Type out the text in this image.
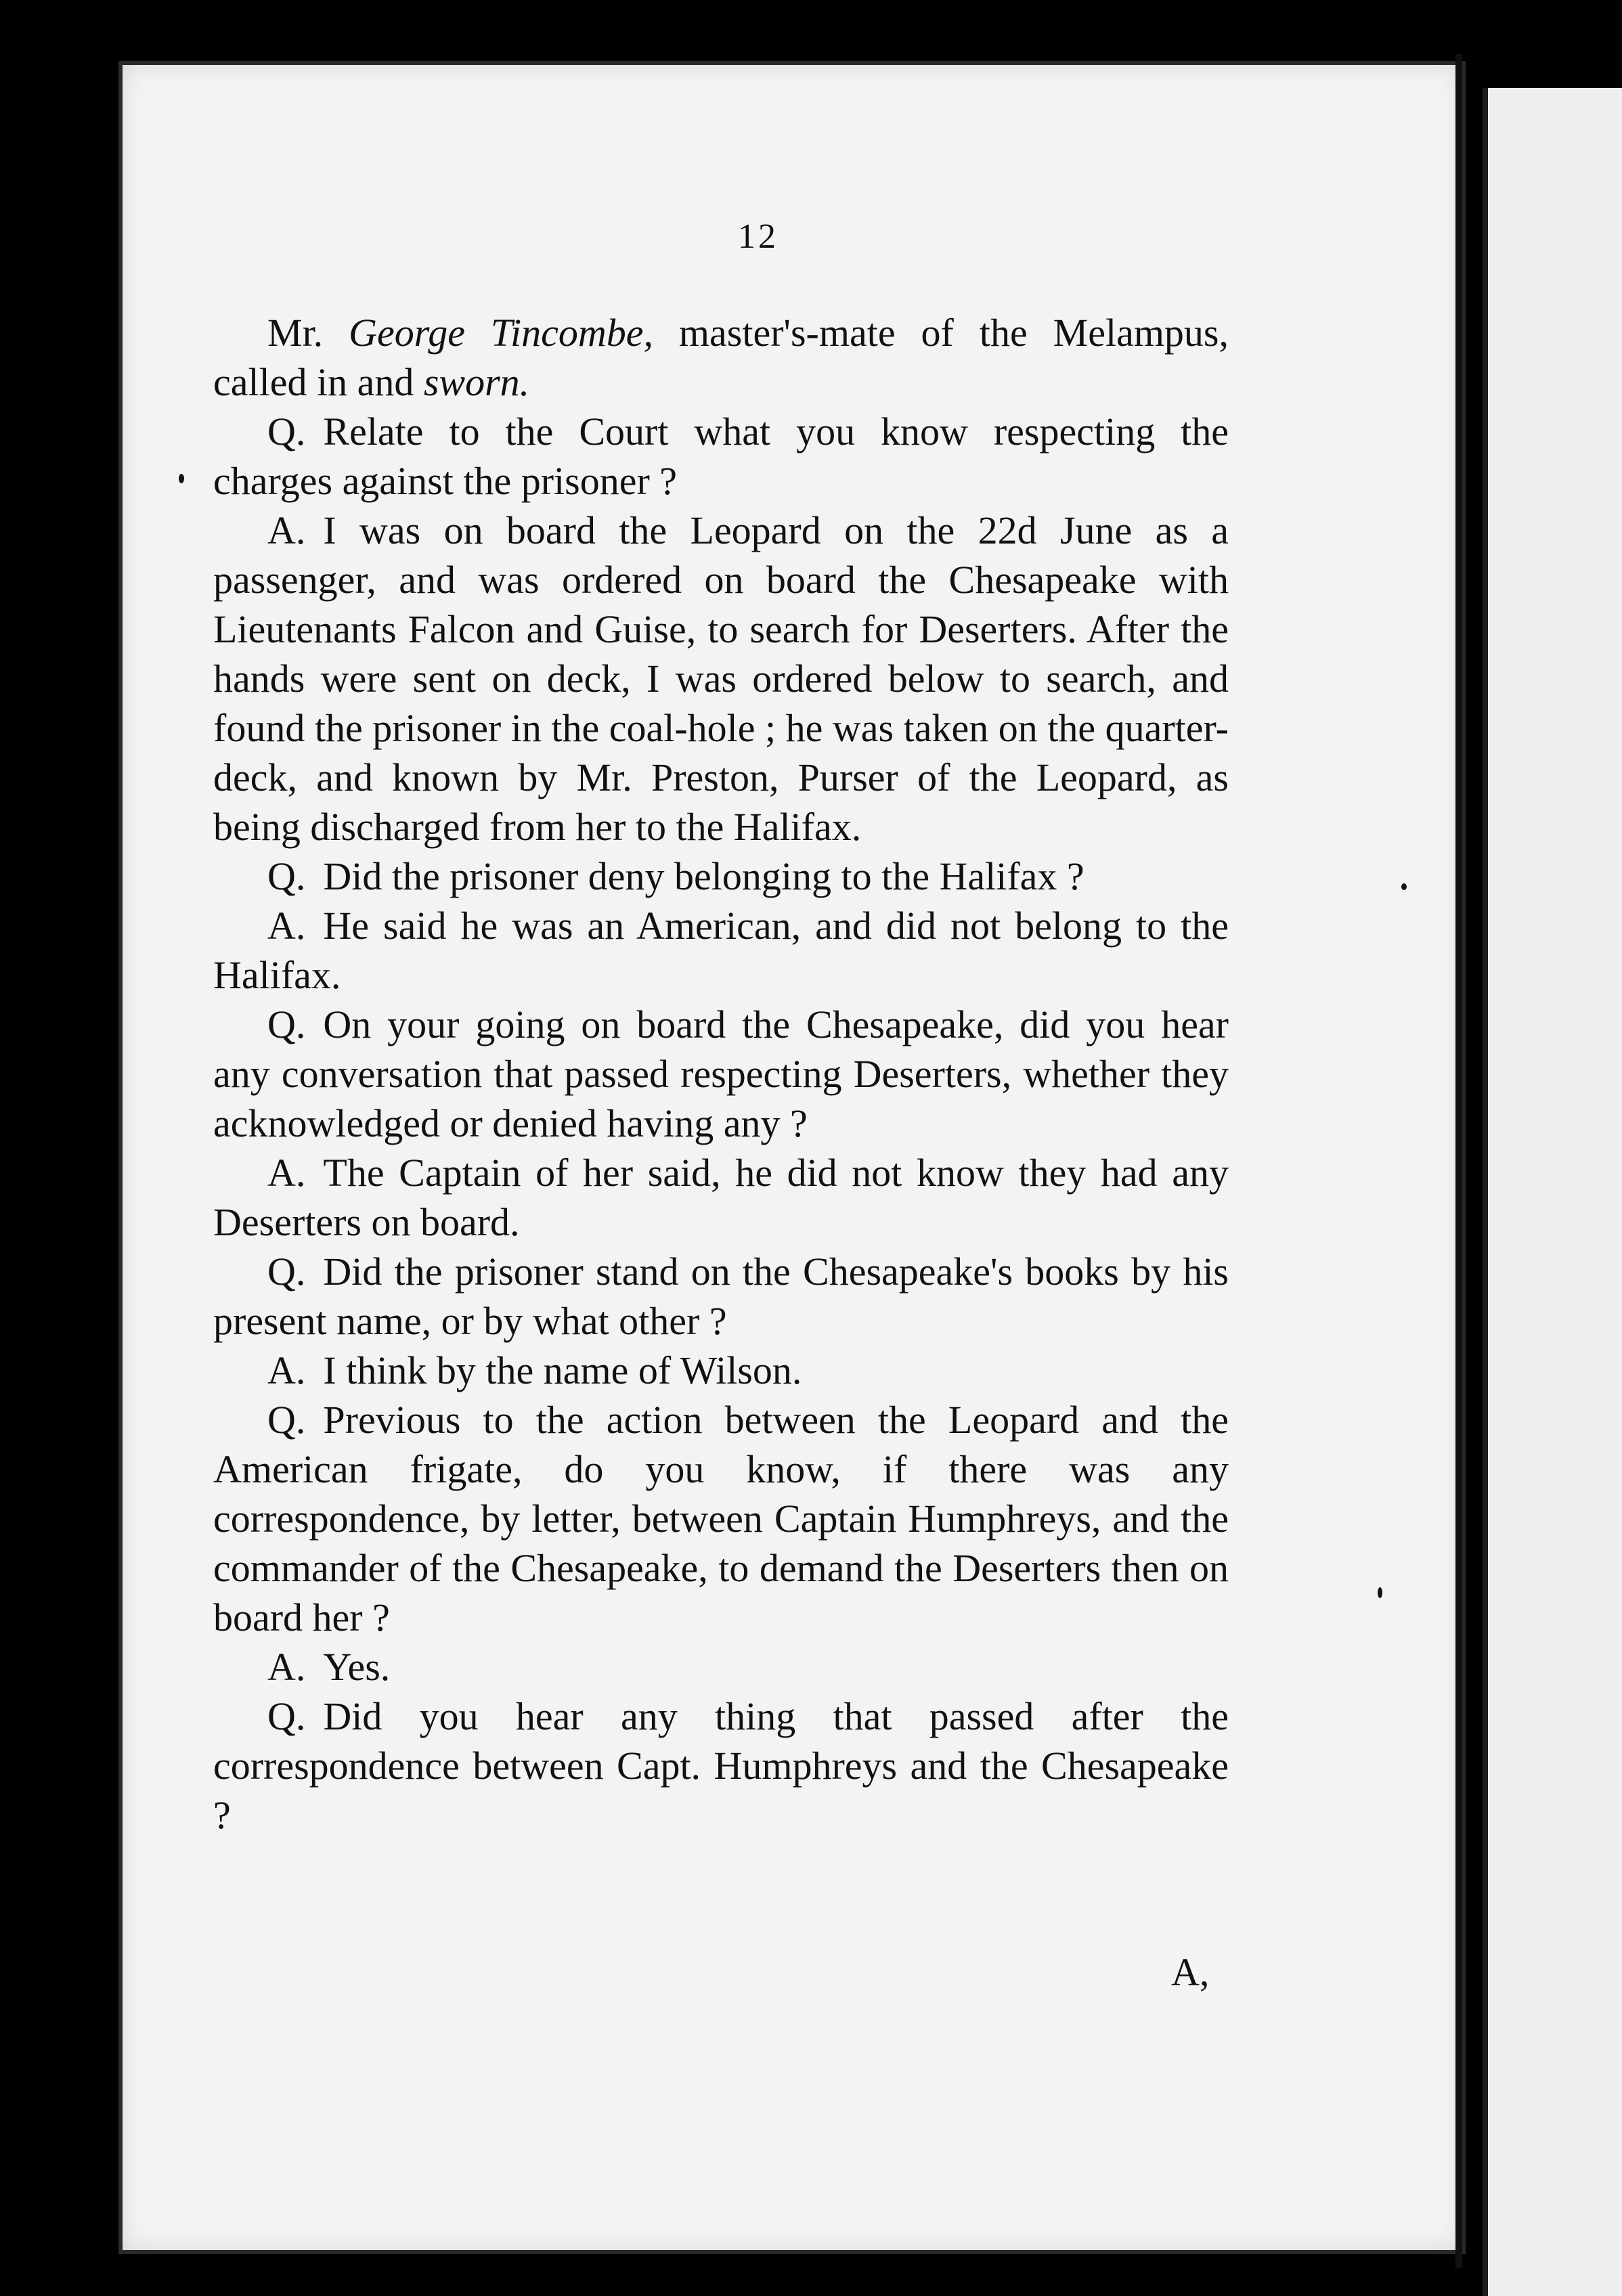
12

Mr. George Tincombe, master's-mate of the Melampus, called in and sworn.

Q. Relate to the Court what you know respecting the charges against the prisoner ?

A. I was on board the Leopard on the 22d June as a passenger, and was ordered on board the Chesapeake with Lieutenants Falcon and Guise, to search for Deserters. After the hands were sent on deck, I was ordered below to search, and found the prisoner in the coal-hole ; he was taken on the quarter-deck, and known by Mr. Preston, Purser of the Leopard, as being discharged from her to the Halifax.

Q. Did the prisoner deny belonging to the Halifax ?

A. He said he was an American, and did not belong to the Halifax.

Q. On your going on board the Chesapeake, did you hear any conversation that passed respecting Deserters, whether they acknowledged or denied having any ?

A. The Captain of her said, he did not know they had any Deserters on board.

Q. Did the prisoner stand on the Chesapeake's books by his present name, or by what other ?

A. I think by the name of Wilson.

Q. Previous to the action between the Leopard and the American frigate, do you know, if there was any correspondence, by letter, between Captain Humphreys, and the commander of the Chesapeake, to demand the Deserters then on board her ?

A. Yes.

Q. Did you hear any thing that passed after the correspondence between Capt. Humphreys and the Chesapeake ?

A,
